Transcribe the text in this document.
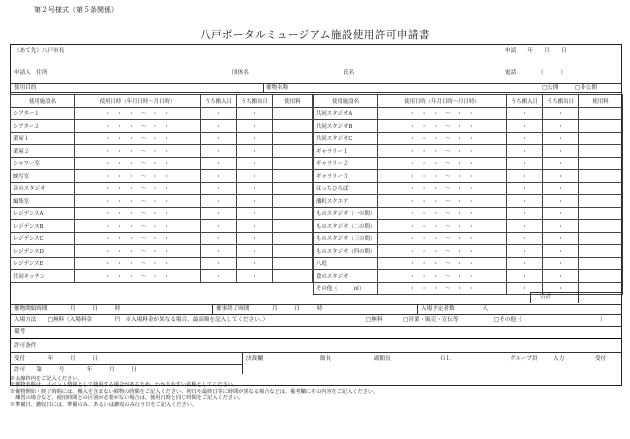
第２号様式（第５条関係）
八戸ポータルミュージアム施設使用許可申請書
（あて先）八戸市長	申請　　年　　月　　日
申請人　住所	団体名	氏名	電話	（　　　）
使用目的	催物名称	□公開	□非公開
使用施設名	使用日時（年月日時～月日時）	うち搬入日	うち搬出日	使用料
シアター１	・　・　・　～　・　・	・	・	
シアター２	・　・　・　～　・　・	・	・	
業屋１	・　・　・　～　・　・	・	・	
業屋２	・　・　・　～　・　・	・	・	
シャワー室	・　・　・　～　・　・	・	・	
映写室	・　・　・　～　・　・	・	・	
音のスタジオ	・　・　・　～　・　・	・	・	
編集室	・　・　・　～　・　・	・	・	
レジデンスA	・　・　・　～　・　・	・	・	
レジデンスB	・　・　・　～　・　・	・	・	
レジデンスC	・　・　・　～　・　・	・	・	
レジデンスD	・　・　・　～　・　・	・	・	
レジデンスE	・　・　・　～　・　・	・	・	
共同キッチン	・　・　・　～　・　・	・	・	
使用施設名	使用日時（年月日時～月日時）	うち搬入日	うち搬出日	使用料
共同スタジオA	・　・　・　～　・　・	・	・	
共同スタジオB	・　・　・　～　・　・	・	・	
共同スタジオC	・　・　・　～　・　・	・	・	
ギャラリー１	・　・　・　～　・　・	・	・	
ギャラリー２	・　・　・　～　・　・	・	・	
ギャラリー３	・　・　・　～　・　・	・	・	
はっちひろば	・　・　・　～　・　・	・	・	
藩町スクエア	・　・　・　～　・　・	・	・	
ものスタジオ（一の間）	・　・　・　～　・　・	・	・	
ものスタジオ（二の間）	・　・　・　～　・　・	・	・	
ものスタジオ（三の間）	・　・　・　～　・　・	・	・	
ものスタジオ（四の間）	・　・　・　～　・　・	・	・	
八庭	・　・　・　～　・　・	・	・	
食のスタジオ	・　・　・　～　・　・	・	・	
その他（　　　㎡）	・　・　・　～　・　・	・	・	
合計
催物開始時間　　　　月　　　日　　　時	催事終了時間　　　　月　　　日　　　時	入場予定者数　　　　　人
入場方法　　□無料（入場料金　　　　円　※入場料金が異なる場合、最高額を記入してください。）	□無料	□営業・販売・宣伝等	□その他（	）
備考
許可条件
受付　　　　年　　　月　　　日
許可　　第　　　号　　　　年　　　月　　　日
決裁欄	館長	副館長	ＧＬ	グループ員	入力	受付
※太線枠内をご記入ください。
※催物名称は、イベント情報として使用する場合があるため、わかりやすい名称としてください。
※催物開始・終了時間には、搬入を含まない催物の時間をご記入ください。初日や最終日等に時間が異なる場合などは、備考欄にその内容をご記入ください。
　練習の場合など、使用時間との区別が必要がない場合は、使用日時と同じ時間をご記入ください。
※準備日、撤収日には、準備のみ、あるいは撤収のみ行う日をご記入ください。
